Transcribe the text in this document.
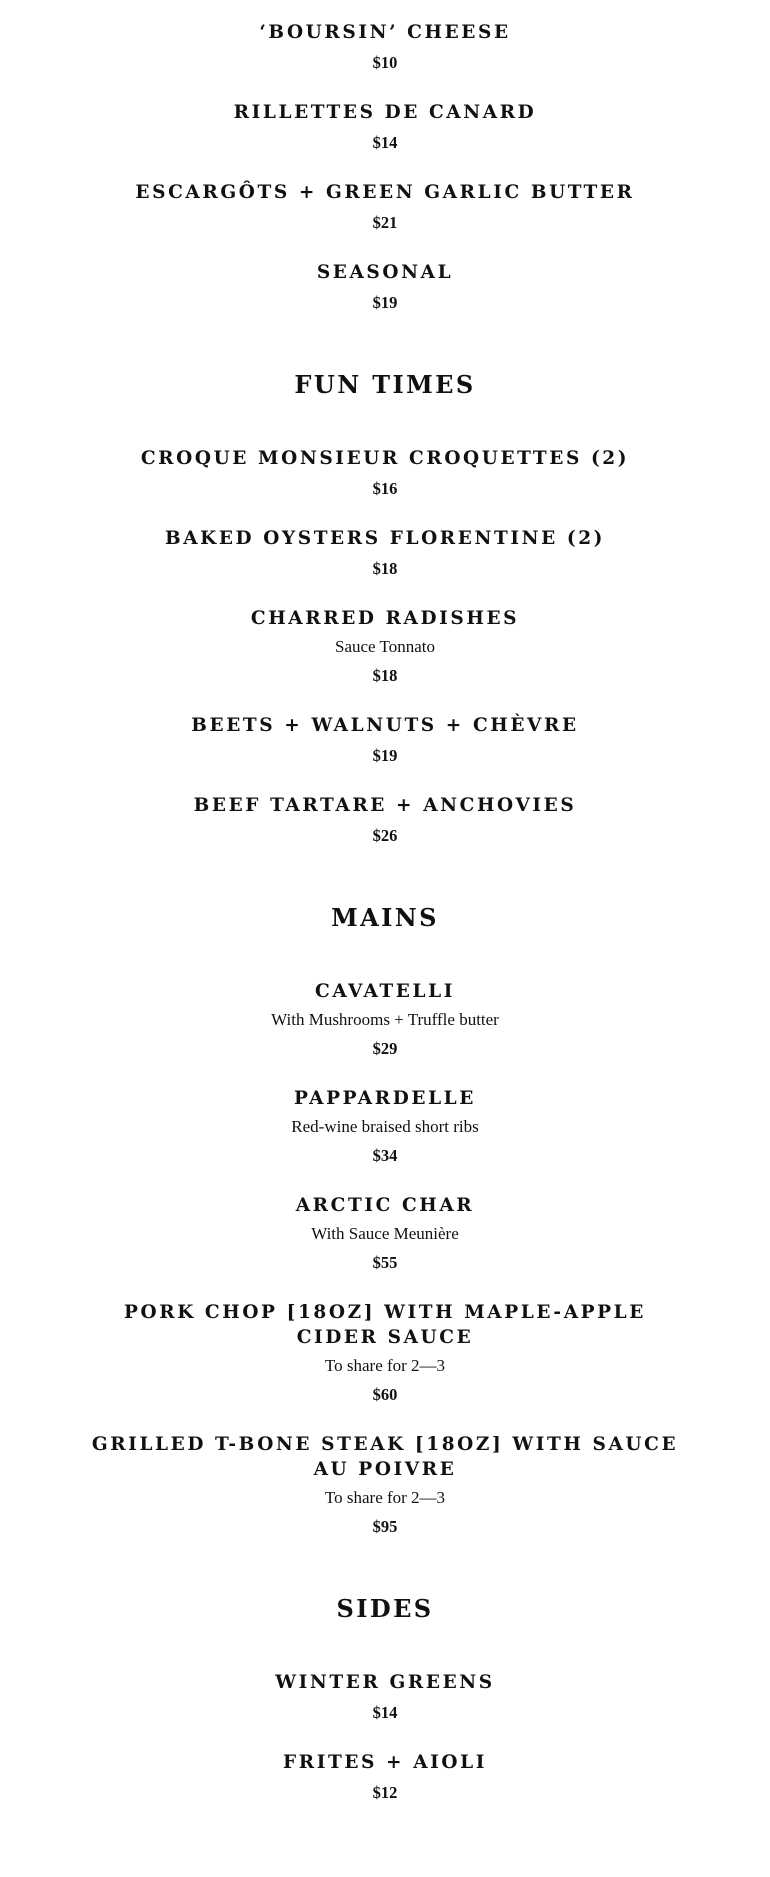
‘BOURSIN’ CHEESE

$10

RILLETTES DE CANARD

$14

ESCARGÔTS + GREEN GARLIC BUTTER

$21

SEASONAL

$19

FUN TIMES

CROQUE MONSIEUR CROQUETTES (2)

$16

BAKED OYSTERS FLORENTINE (2)

$18

CHARRED RADISHES

Sauce Tonnato

$18

BEETS + WALNUTS + CHÈVRE

$19

BEEF TARTARE + ANCHOVIES

$26

MAINS

CAVATELLI

With Mushrooms + Truffle butter

$29

PAPPARDELLE

Red-wine braised short ribs

$34

ARCTIC CHAR

With Sauce Meunière

$55

PORK CHOP [18OZ] WITH MAPLE-APPLE CIDER SAUCE

To share for 2—3

$60

GRILLED T-BONE STEAK [18OZ] WITH SAUCE AU POIVRE

To share for 2—3

$95

SIDES

WINTER GREENS

$14

FRITES + AIOLI

$12
